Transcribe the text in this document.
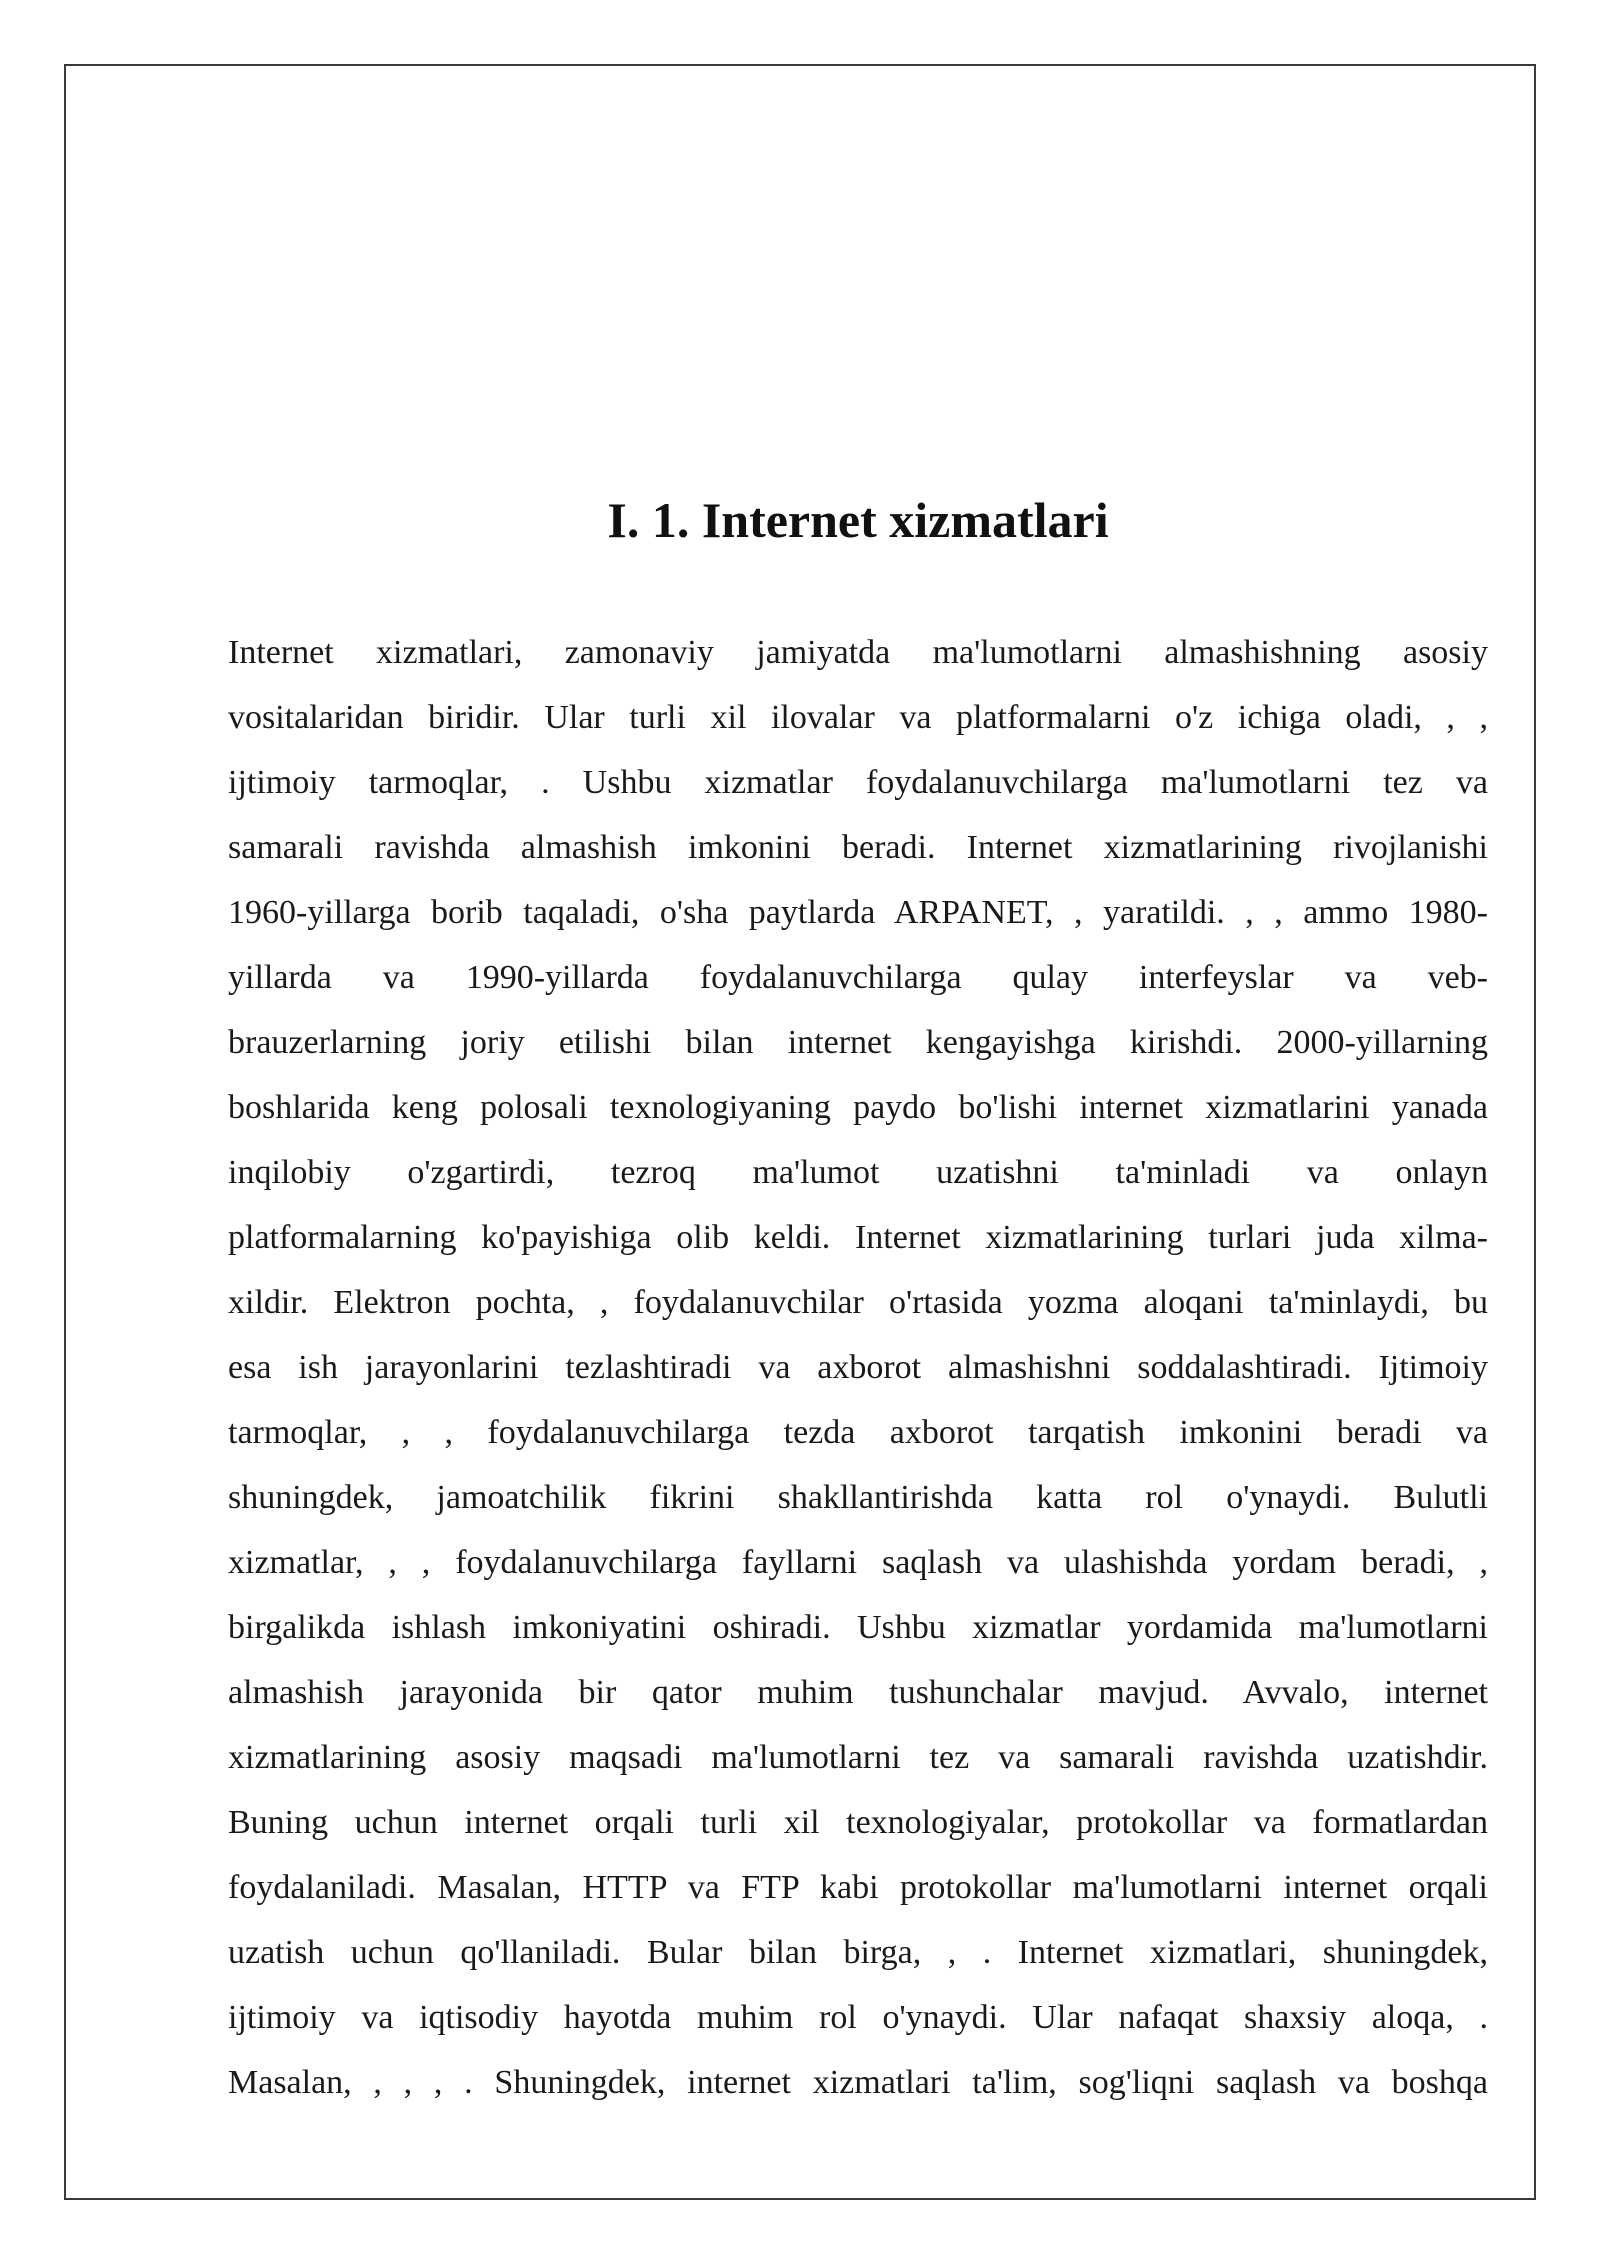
I. 1. Internet xizmatlari
Internet xizmatlari, zamonaviy jamiyatda ma'lumotlarni almashishning asosiy
vositalaridan biridir. Ular turli xil ilovalar va platformalarni o'z ichiga oladi, , ,
ijtimoiy tarmoqlar, . Ushbu xizmatlar foydalanuvchilarga ma'lumotlarni tez va
samarali ravishda almashish imkonini beradi. Internet xizmatlarining rivojlanishi
1960-yillarga borib taqaladi, o'sha paytlarda ARPANET, , yaratildi. , , ammo 1980-
yillarda va 1990-yillarda foydalanuvchilarga qulay interfeyslar va veb-
brauzerlarning joriy etilishi bilan internet kengayishga kirishdi. 2000-yillarning
boshlarida keng polosali texnologiyaning paydo bo'lishi internet xizmatlarini yanada
inqilobiy o'zgartirdi, tezroq ma'lumot uzatishni ta'minladi va onlayn
platformalarning ko'payishiga olib keldi. Internet xizmatlarining turlari juda xilma-
xildir. Elektron pochta, , foydalanuvchilar o'rtasida yozma aloqani ta'minlaydi, bu
esa ish jarayonlarini tezlashtiradi va axborot almashishni soddalashtiradi. Ijtimoiy
tarmoqlar, , , foydalanuvchilarga tezda axborot tarqatish imkonini beradi va
shuningdek, jamoatchilik fikrini shakllantirishda katta rol o'ynaydi. Bulutli
xizmatlar, , , foydalanuvchilarga fayllarni saqlash va ulashishda yordam beradi, ,
birgalikda ishlash imkoniyatini oshiradi. Ushbu xizmatlar yordamida ma'lumotlarni
almashish jarayonida bir qator muhim tushunchalar mavjud. Avvalo, internet
xizmatlarining asosiy maqsadi ma'lumotlarni tez va samarali ravishda uzatishdir.
Buning uchun internet orqali turli xil texnologiyalar, protokollar va formatlardan
foydalaniladi. Masalan, HTTP va FTP kabi protokollar ma'lumotlarni internet orqali
uzatish uchun qo'llaniladi. Bular bilan birga, , . Internet xizmatlari, shuningdek,
ijtimoiy va iqtisodiy hayotda muhim rol o'ynaydi. Ular nafaqat shaxsiy aloqa, .
Masalan, , , , . Shuningdek, internet xizmatlari ta'lim, sog'liqni saqlash va boshqa
